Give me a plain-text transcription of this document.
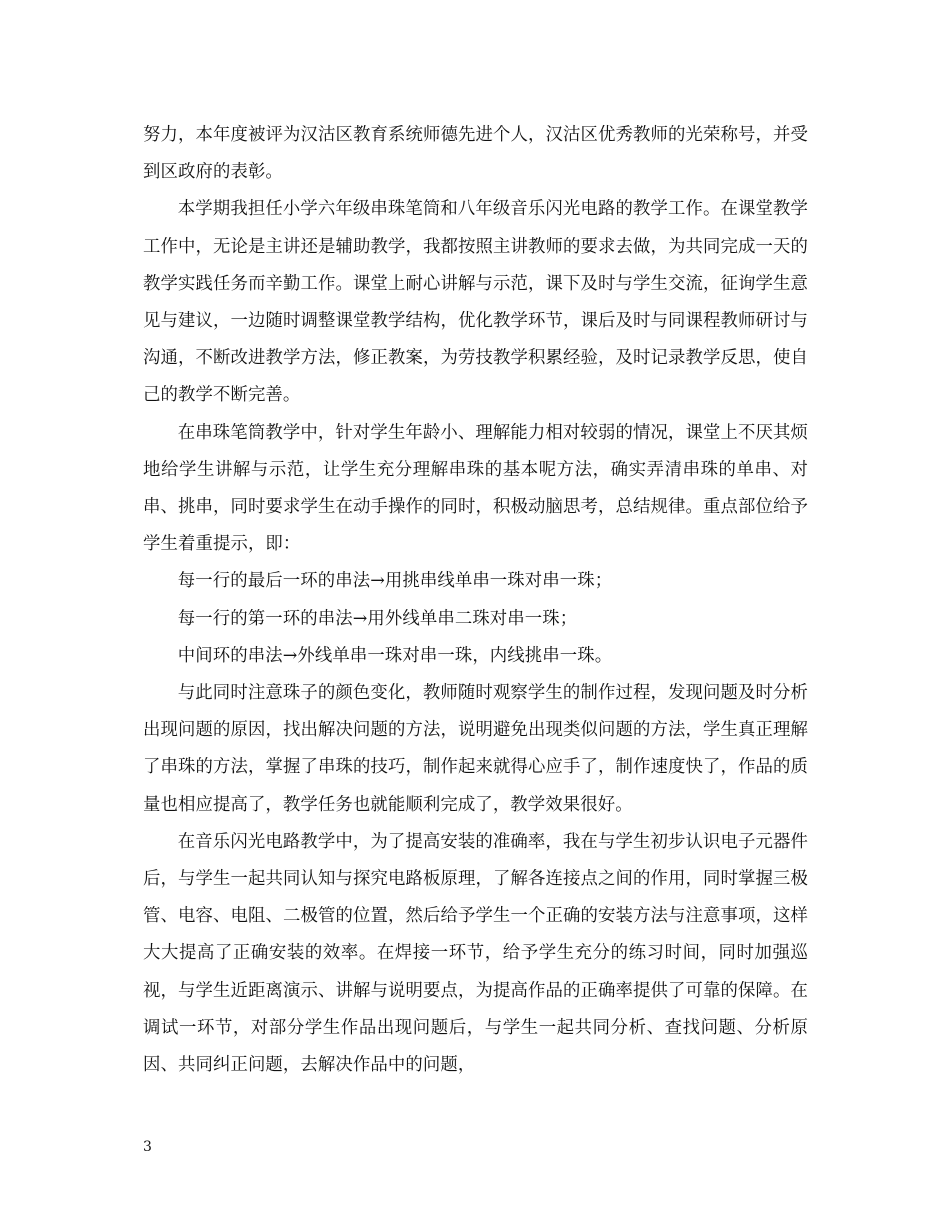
努力，本年度被评为汉沽区教育系统师德先进个人，汉沽区优秀教师的光荣称号，并受到区政府的表彰。

本学期我担任小学六年级串珠笔筒和八年级音乐闪光电路的教学工作。在课堂教学工作中，无论是主讲还是辅助教学，我都按照主讲教师的要求去做，为共同完成一天的教学实践任务而辛勤工作。课堂上耐心讲解与示范，课下及时与学生交流，征询学生意见与建议，一边随时调整课堂教学结构，优化教学环节，课后及时与同课程教师研讨与沟通，不断改进教学方法，修正教案，为劳技教学积累经验，及时记录教学反思，使自己的教学不断完善。

在串珠笔筒教学中，针对学生年龄小、理解能力相对较弱的情况，课堂上不厌其烦地给学生讲解与示范，让学生充分理解串珠的基本呢方法，确实弄清串珠的单串、对串、挑串，同时要求学生在动手操作的同时，积极动脑思考，总结规律。重点部位给予学生着重提示，即：

每一行的最后一环的串法→用挑串线单串一珠对串一珠；

每一行的第一环的串法→用外线单串二珠对串一珠；

中间环的串法→外线单串一珠对串一珠，内线挑串一珠。

与此同时注意珠子的颜色变化，教师随时观察学生的制作过程，发现问题及时分析出现问题的原因，找出解决问题的方法，说明避免出现类似问题的方法，学生真正理解了串珠的方法，掌握了串珠的技巧，制作起来就得心应手了，制作速度快了，作品的质量也相应提高了，教学任务也就能顺利完成了，教学效果很好。

在音乐闪光电路教学中，为了提高安装的准确率，我在与学生初步认识电子元器件后，与学生一起共同认知与探究电路板原理，了解各连接点之间的作用，同时掌握三极管、电容、电阻、二极管的位置，然后给予学生一个正确的安装方法与注意事项，这样大大提高了正确安装的效率。在焊接一环节，给予学生充分的练习时间，同时加强巡视，与学生近距离演示、讲解与说明要点，为提高作品的正确率提供了可靠的保障。在调试一环节，对部分学生作品出现问题后，与学生一起共同分析、查找问题、分析原因、共同纠正问题，去解决作品中的问题，

3
